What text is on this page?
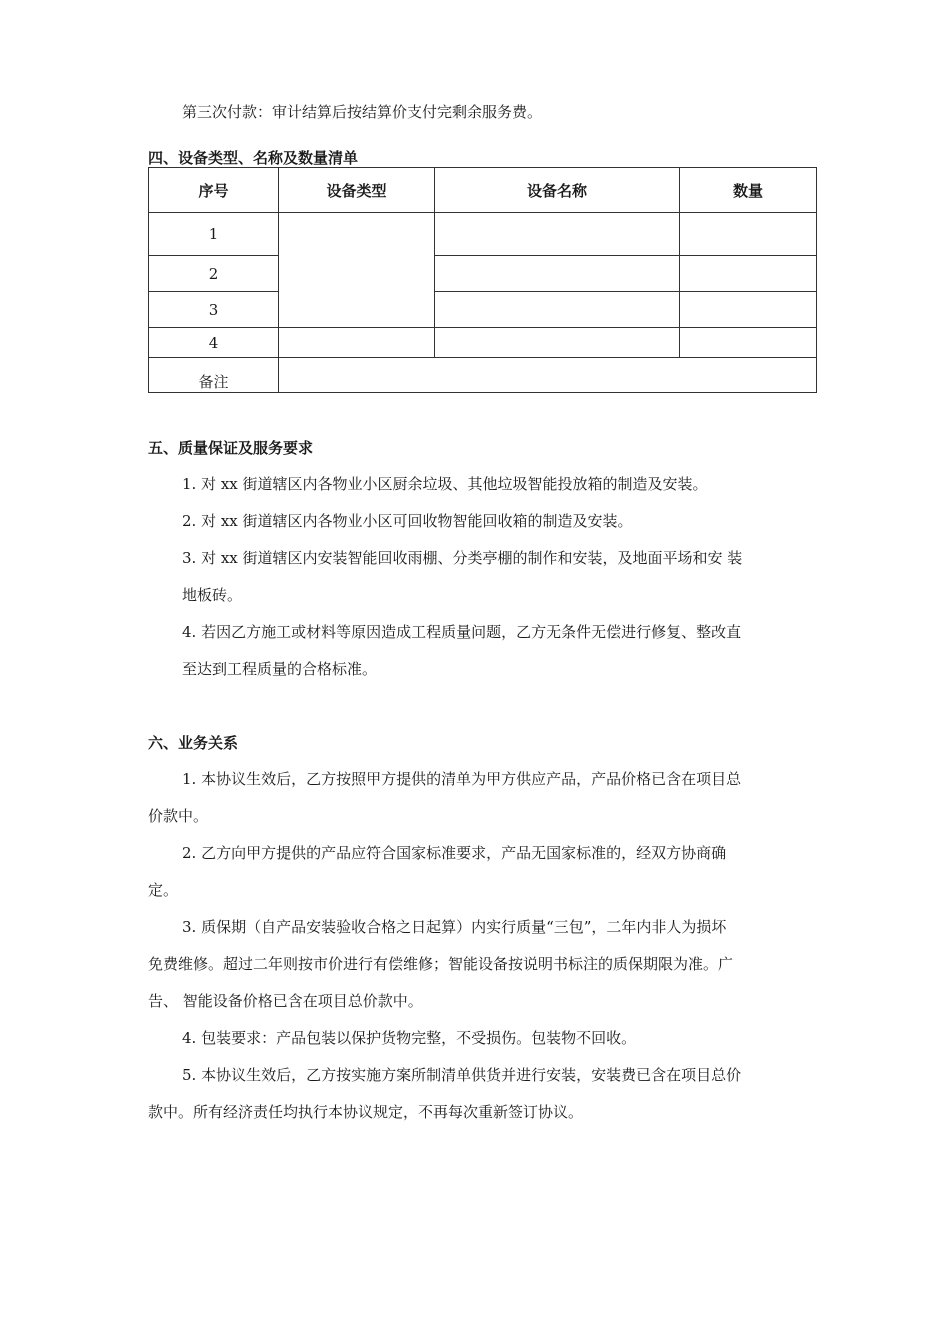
第三次付款：审计结算后按结算价支付完剩余服务费。
四、设备类型、名称及数量清单
序号	设备类型	设备名称	数量
1			
2			
3			
4			
备注			
五、质量保证及服务要求
1. 对 xx 街道辖区内各物业小区厨余垃圾、其他垃圾智能投放箱的制造及安装。
2. 对 xx 街道辖区内各物业小区可回收物智能回收箱的制造及安装。
3. 对 xx 街道辖区内安装智能回收雨棚、分类亭棚的制作和安装，及地面平场和安 装
地板砖。
4. 若因乙方施工或材料等原因造成工程质量问题，乙方无条件无偿进行修复、整改直
至达到工程质量的合格标准。
六、业务关系
1. 本协议生效后，乙方按照甲方提供的清单为甲方供应产品，产品价格已含在项目总
价款中。
2. 乙方向甲方提供的产品应符合国家标准要求，产品无国家标准的，经双方协商确
定。
3. 质保期（自产品安装验收合格之日起算）内实行质量“三包”，二年内非人为损坏
免费维修。超过二年则按市价进行有偿维修；智能设备按说明书标注的质保期限为准。广
告、 智能设备价格已含在项目总价款中。
4. 包装要求：产品包装以保护货物完整，不受损伤。包装物不回收。
5. 本协议生效后，乙方按实施方案所制清单供货并进行安装，安装费已含在项目总价
款中。所有经济责任均执行本协议规定，不再每次重新签订协议。
